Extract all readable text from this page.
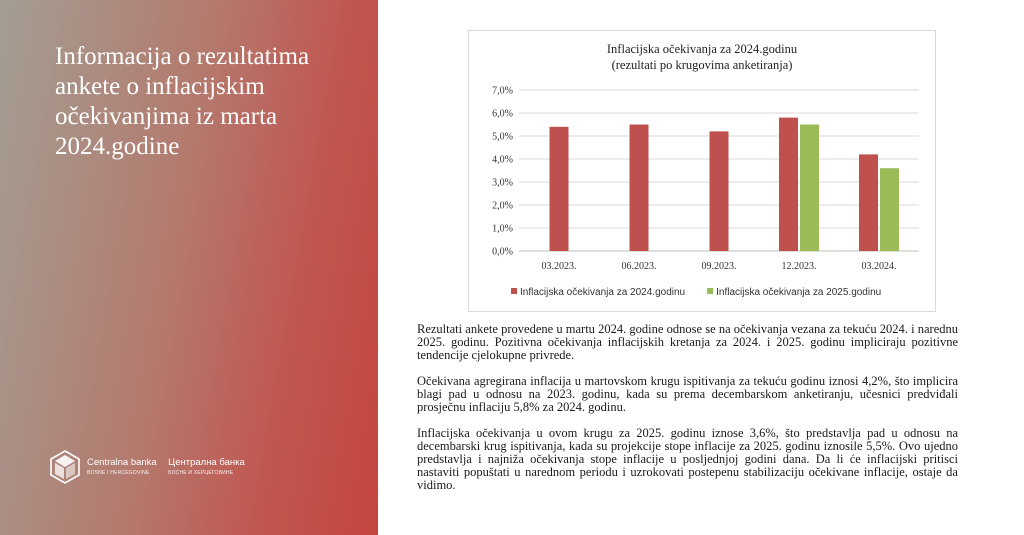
Informacija o rezultatima ankete o inflacijskim očekivanjima iz marta 2024.godine
Centralna banka
BOSNE I HERCEGOVINE

Централна банка
БОСНЕ И ХЕРЦЕГОВИНЕ
Inflacijska očekivanja za 2024.godinu
(rezultati po krugovima anketiranja)
0,0%
1,0%
2,0%
3,0%
4,0%
5,0%
6,0%
7,0%
03.2023.	06.2023.	09.2023.	12.2023.	03.2024.
Inflacijska očekivanja za 2024.godinu	Inflacijska očekivanja za 2025.godinu

Rezultati ankete provedene u martu 2024. godine odnose se na očekivanja vezana za tekuću 2024. i narednu 2025. godinu. Pozitivna očekivanja inflacijskih kretanja za 2024. i 2025. godinu impliciraju pozitivne tendencije cjelokupne privrede.

Očekivana agregirana inflacija u martovskom krugu ispitivanja za tekuću godinu iznosi 4,2%, što implicira blagi pad u odnosu na 2023. godinu, kada su prema decembarskom anketiranju, učesnici predviđali prosječnu inflaciju 5,8% za 2024. godinu.

Inflacijska očekivanja u ovom krugu za 2025. godinu iznose 3,6%, što predstavlja pad u odnosu na decembarski krug ispitivanja, kada su projekcije stope inflacije za 2025. godinu iznosile 5,5%. Ovo ujedno predstavlja i najniža očekivanja stope inflacije u posljednjoj godini dana. Da li će inflacijski pritisci nastaviti popuštati u narednom periodu i uzrokovati postepenu stabilizaciju očekivane inflacije, ostaje da vidimo.
